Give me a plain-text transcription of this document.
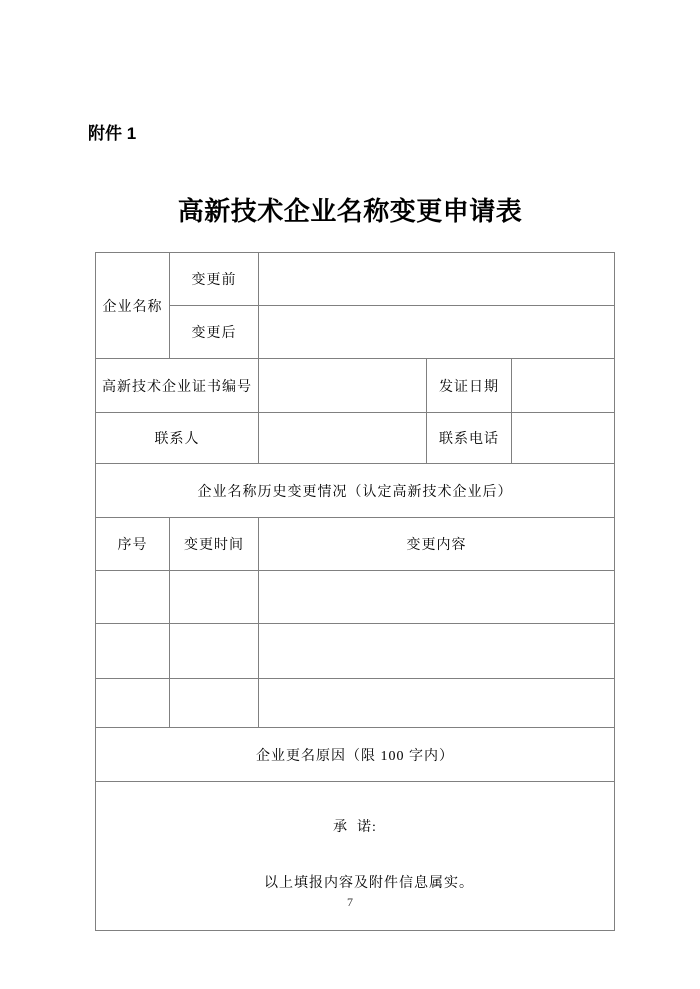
附件 1
高新技术企业名称变更申请表
企业名称	变更前			
	变更后			
高新技术企业证书编号			发证日期	
联系人			联系电话	
企业名称历史变更情况（认定高新技术企业后）				
序号	变更时间	变更内容		

企业更名原因（限 100 字内）				

承  诺:

以上填报内容及附件信息属实。				

7
